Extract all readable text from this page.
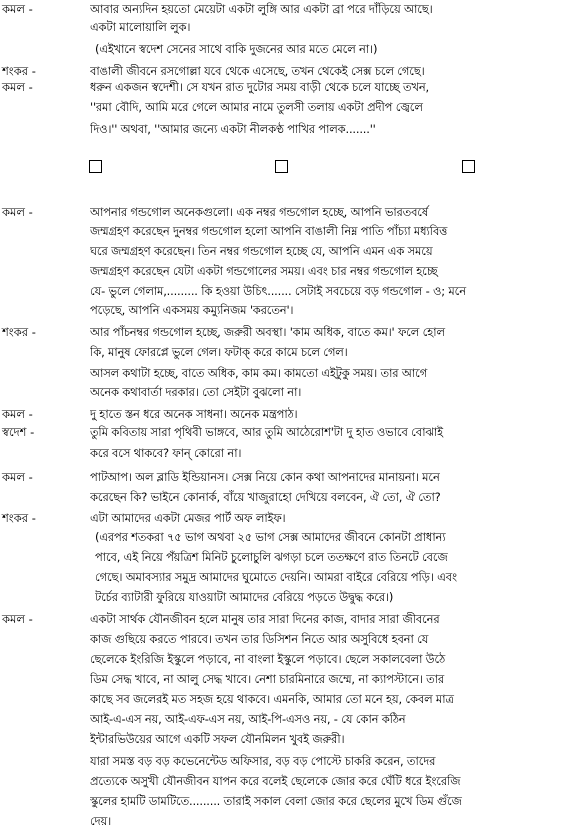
কমল -
শংকর -
কমল -
কমল -
শংকর -
কমল -
স্বদেশ -
কমল -
শংকর -
কমল -
আবার অন্যদিন হয়তো মেয়েটা একটা লুঙ্গি আর একটা ব্রা পরে দাঁড়িয়ে আছে।
একটা মালোয়ালি লুক।
(এইখানে স্বদেশ সেনের সাথে বাকি দুজনের আর মতে মেলে না।)
বাঙালী জীবনে রসগোল্লা যবে থেকে এসেছে, তখন থেকেই সেক্স চলে গেছে।
ধরুন একজন স্বদেশী। সে যখন রাত দুটোর সময় বাড়ী থেকে চলে যাচ্ছে তখন,
''রমা বৌদি, আমি মরে গেলে আমার নামে তুলসী তলায় একটা প্রদীপ জ্বেলে
দিও।'' অথবা, ''আমার জন্যে একটা নীলকণ্ঠ পাখির পালক.......''
আপনার গন্ডগোল অনেকগুলো। এক নম্বর গন্ডগোল হচ্ছে, আপনি ভারতবর্ষে
জম্মগ্রহণ করেছেন দুনম্বর গন্ডগোল হলো আপনি বাঙালী নিম্ন পাতি পাঁচ্যা মধ্যবিত্ত
ঘরে জম্মগ্রহণ করেছেন। তিন নম্বর গন্ডগোল হচ্ছে যে, আপনি এমন এক সময়ে
জম্মগ্রহণ করেছেন যেটা একটা গন্ডগোলের সময়। এবং চার নম্বর গন্ডগোল হচ্ছে
যে- ভুলে গেলাম,......... কি হওয়া উচিৎ....... সেটাই সবচেয়ে বড় গন্ডগোল - ও; মনে
পড়েছে, আপনি একসময় কম্যুনিজম 'করতেন'।
আর পাঁচনম্বর গন্ডগোল হচ্ছে, জরুরী অবস্থা। 'কাম অধিক, বাতে কম।' ফলে হোল
কি, মানুষ ফোরপ্লে ভুলে গেল। ফটাক্‌ করে কামে চলে গেল।
আসল কথাটা হচ্ছে, বাতে অধিক, কাম কম। কামতো এইটুকু সময়। তার আগে
অনেক কথাবার্তা দরকার। তো সেইটা বুঝলো না।
দু হাতে স্তন ধরে অনেক সাধনা। অনেক মন্ত্রপাঠ।
তুমি কবিতায় সারা পৃথিবী ভাঙ্গবে, আর তুমি আঠেরোশ'টা দু হাত ওভাবে বোঝাই
করে বসে থাকবে? ফান্‌ কোরো না।
পাটআপ। অল ব্লাডি ইন্ডিয়ানস। সেক্স নিয়ে কোন কথা আপনাদের মানায়না। মনে
করেছেন কি? ভাইনে কোনার্ক, বাঁয়ে খাজুরাহো দেখিয়ে বলবেন, ঐ তো, ঐ তো?
এটা আমাদের একটা মেজর পার্ট অফ লাইফ।
(এরপর শতকরা ৭৫ ভাগ অথবা ২৫ ভাগ সেক্স আমাদের জীবনে কোনটা প্রাধান্য
পাবে, এই নিয়ে পঁয়ত্রিশ মিনিট চুলোচুলি ঝগড়া চলে ততক্ষণে রাত তিনটে বেজে
গেছে। অমাবস্যার সমুদ্র আমাদের ঘুমোতে দেয়নি। আমরা বাইরে বেরিয়ে পড়ি। এবং
টর্চের ব্যাটারী ফুরিয়ে যাওয়াটা আমাদের বেরিয়ে পড়তে উদ্বুদ্ধ করে।)
একটা সার্থক যৌনজীবন হলে মানুষ তার সারা দিনের কাজ, বাদার সারা জীবনের
কাজ গুছিয়ে করতে পারবে। তখন তার ডিসিশন নিতে আর অসুবিধে হবনা যে
ছেলেকে ইংরিজি ইস্কুলে পড়াবে, না বাংলা ইস্কুলে পড়াবে। ছেলে সকালবেলা উঠে
ডিম সেদ্ধ খাবে, না আলু সেদ্ধ খাবে। নেশা চারমিনারে জম্মে, না ক্যাপস্টানে। তার
কাছে সব জলেরই মত সহজ হয়ে থাকবে। এমনকি, আমার তো মনে হয়, কেবল মাত্র
আই-এ-এস নয়, আই-এফ-এস নয়, আই-পি-এসও নয়, - যে কোন কঠিন
ইন্টারভিউয়ের আগে একটি সফল যৌনমিলন খুবই জরুরী।
যারা সমস্ত বড় বড় কভেনেন্টেড অফিসার, বড় বড় পোস্টে চাকরি করেন, তাদের
প্রত্যেকে অসুখী যৌনজীবন যাপন করে বলেই ছেলেকে জোর করে ঘেঁটি ধরে ইংরেজি
স্কুলের হামটি ডামটিতে......... তারাই সকাল বেলা জোর করে ছেলের মুখে ডিম গুঁজে
দেয়।
